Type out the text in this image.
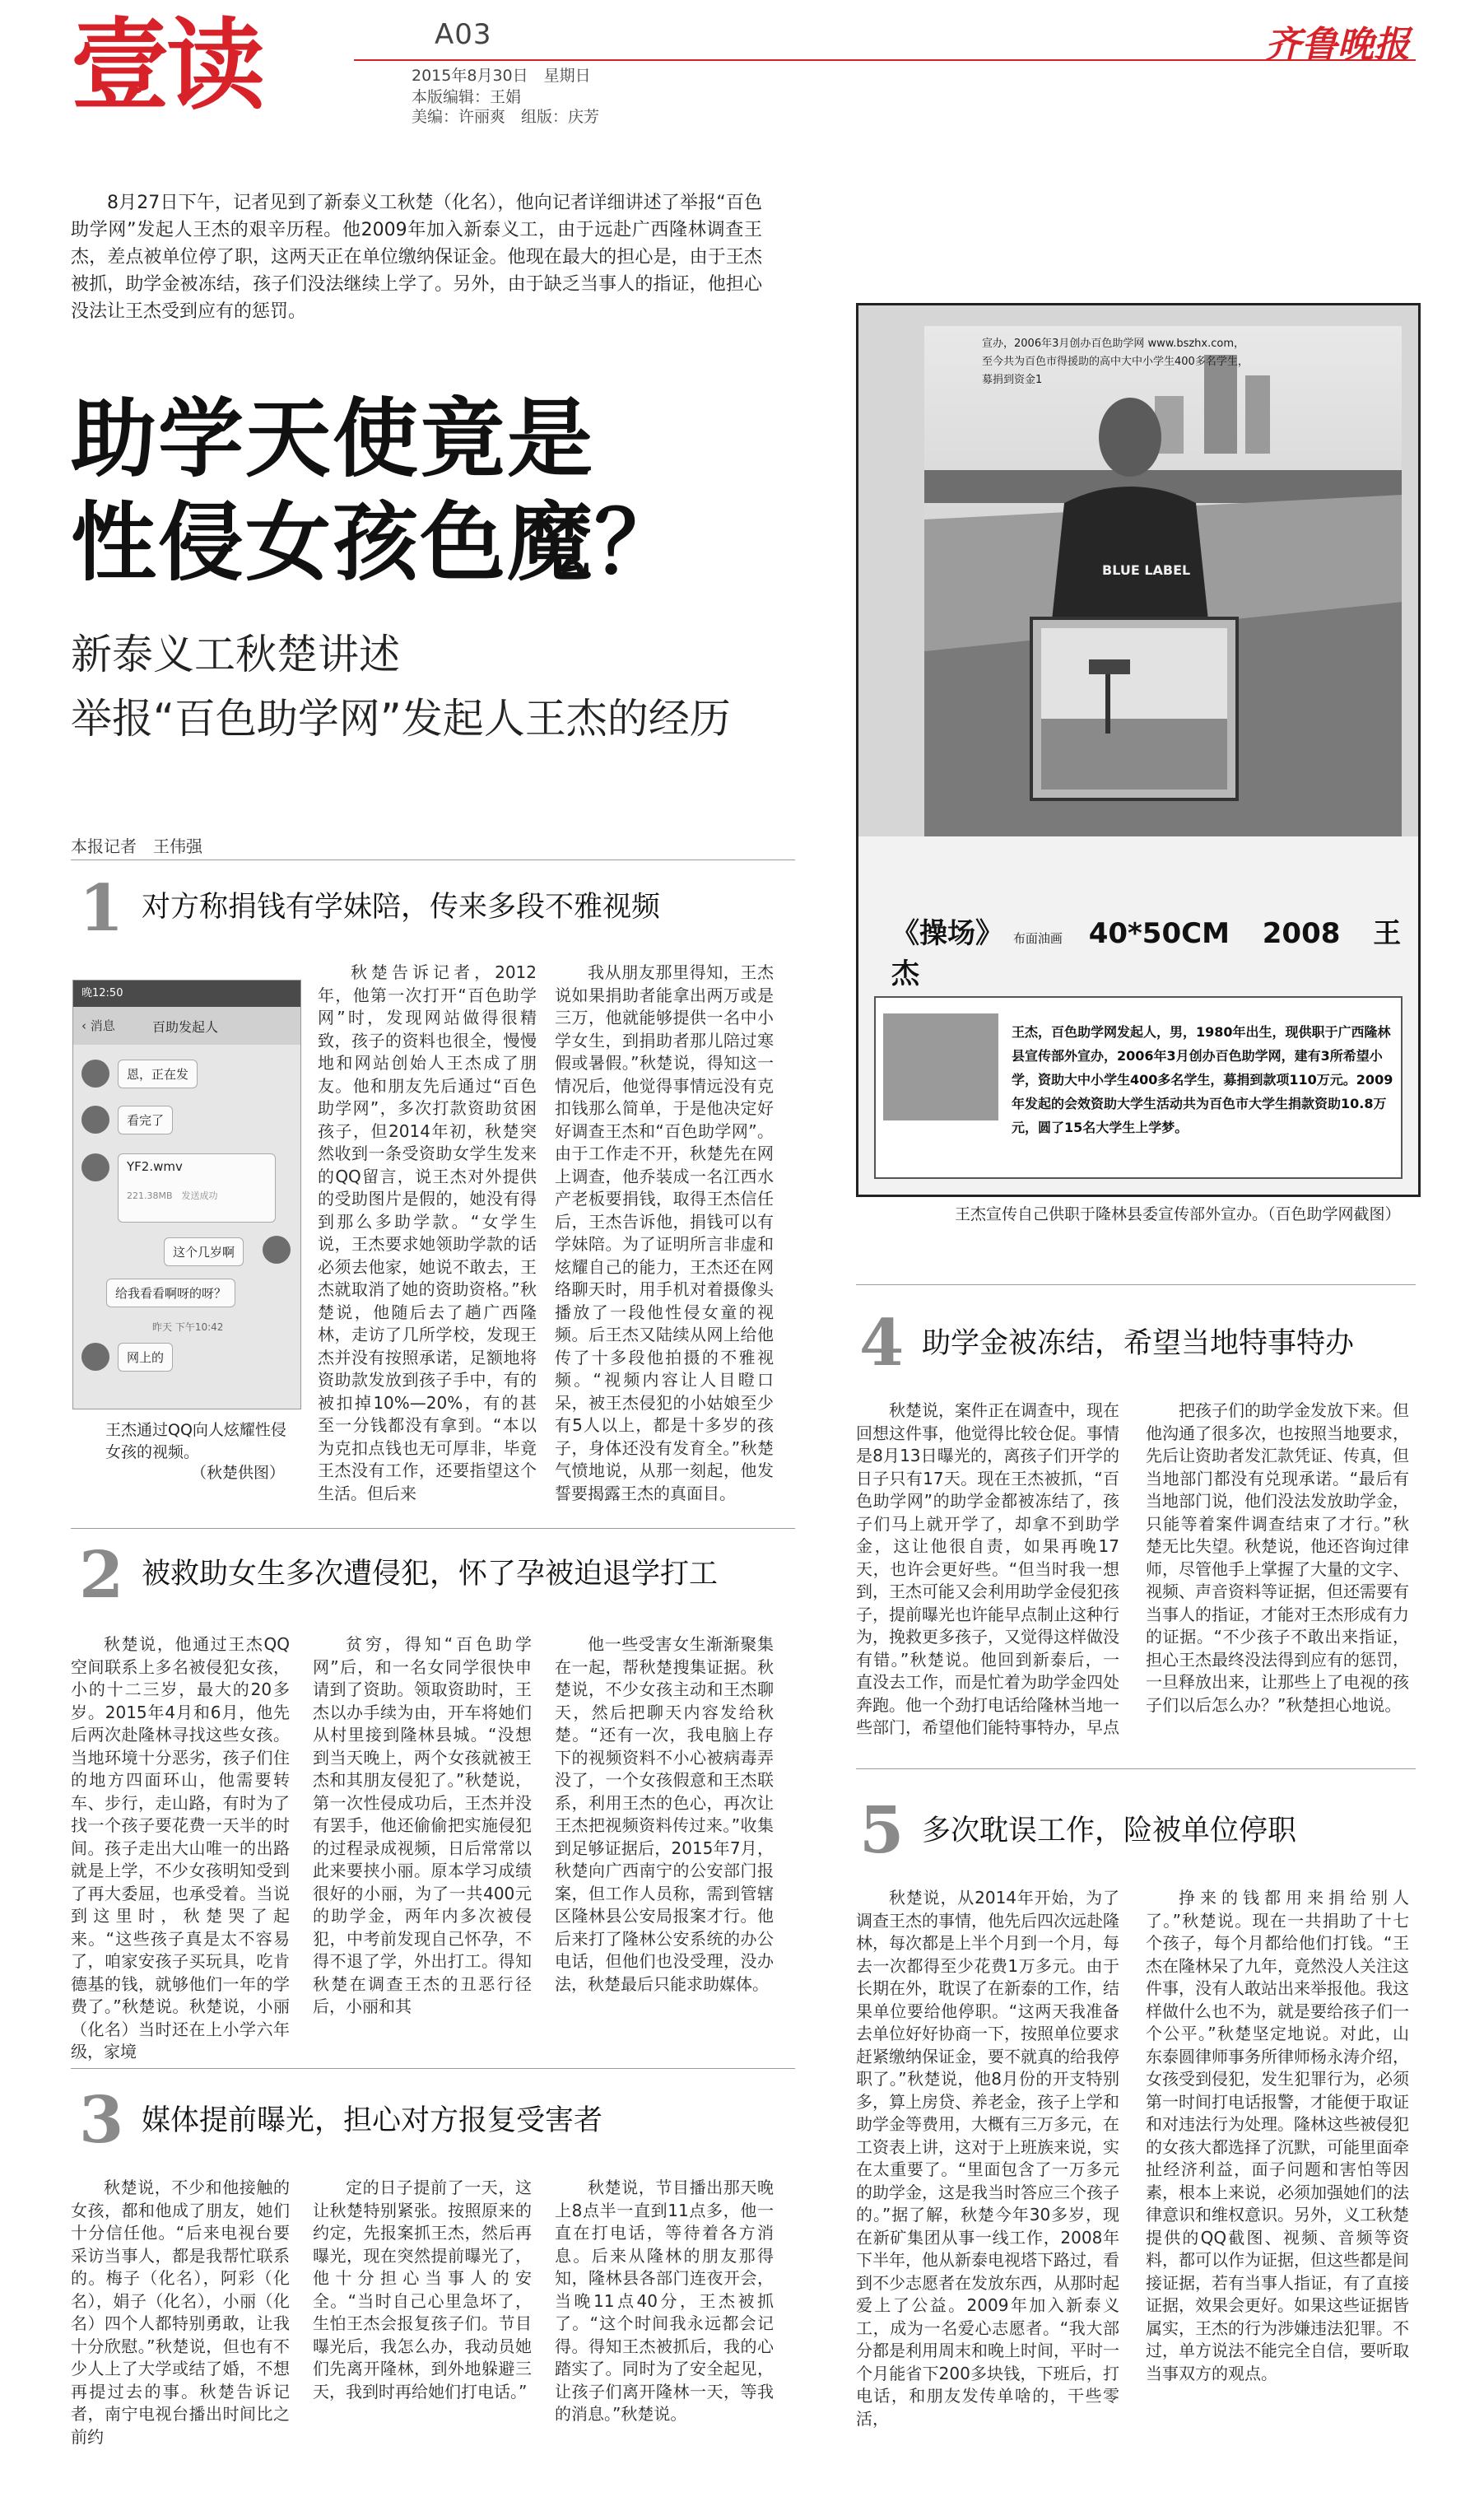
壹读	A03
2015年8月30日　星期日
本版编辑：王娟
美编：许丽爽　组版：庆芳
齐鲁晚报
8月27日下午，记者见到了新泰义工秋楚（化名），他向记者详细讲述了举报“百色助学网”发起人王杰的艰辛历程。他2009年加入新泰义工，由于远赴广西隆林调查王杰，差点被单位停了职，这两天正在单位缴纳保证金。他现在最大的担心是，由于王杰被抓，助学金被冻结，孩子们没法继续上学了。另外，由于缺乏当事人的指证，他担心没法让王杰受到应有的惩罚。
助学天使竟是
性侵女孩色魔？
新泰义工秋楚讲述
举报“百色助学网”发起人王杰的经历
本报记者　王伟强
BLUE LABEL
宣办，2006年3月创办百色助学网 www.bszhx.com，至今共为百色市得援助的高中大中小学生400多名学生，募捐到资金1
《操场》 布面油画 40*50CM 2008 王杰
王杰，百色助学网发起人，男，1980年出生，现供职于广西隆林县宣传部外宣办，2006年3月创办百色助学网，建有3所希望小学，资助大中小学生400多名学生，募捐到款项110万元。2009年发起的会效资助大学生活动共为百色市大学生捐款资助10.8万元，圆了15名大学生上学梦。
王杰宣传自己供职于隆林县委宣传部外宣办。（百色助学网截图）
1 对方称捐钱有学妹陪，传来多段不雅视频
晚12:50
‹ 消息	百助发起人
恩，正在发
看完了
YF2.wmv
221.38MB　发送成功
这个几岁啊
给我看看啊呀的呀？
昨天 下午10:42
网上的
王杰通过QQ向人炫耀性侵女孩的视频。
（秋楚供图）
秋楚告诉记者，2012年，他第一次打开“百色助学网”时，发现网站做得很精致，孩子的资料也很全，慢慢地和网站创始人王杰成了朋友。他和朋友先后通过“百色助学网”，多次打款资助贫困孩子，但2014年初，秋楚突然收到一条受资助女学生发来的QQ留言，说王杰对外提供的受助图片是假的，她没有得到那么多助学款。“女学生说，王杰要求她领助学款的话必须去他家，她说不敢去，王杰就取消了她的资助资格。”秋楚说，他随后去了趟广西隆林，走访了几所学校，发现王杰并没有按照承诺，足额地将资助款发放到孩子手中，有的被扣掉10%—20%，有的甚至一分钱都没有拿到。“本以为克扣点钱也无可厚非，毕竟王杰没有工作，还要指望这个生活。但后来
我从朋友那里得知，王杰说如果捐助者能拿出两万或是三万，他就能够提供一名中小学女生，到捐助者那儿陪过寒假或暑假。”秋楚说，得知这一情况后，他觉得事情远没有克扣钱那么简单，于是他决定好好调查王杰和“百色助学网”。由于工作走不开，秋楚先在网上调查，他乔装成一名江西水产老板要捐钱，取得王杰信任后，王杰告诉他，捐钱可以有学妹陪。为了证明所言非虚和炫耀自己的能力，王杰还在网络聊天时，用手机对着摄像头播放了一段他性侵女童的视频。后王杰又陆续从网上给他传了十多段他拍摄的不雅视频。“视频内容让人目瞪口呆，被王杰侵犯的小姑娘至少有5人以上，都是十多岁的孩子，身体还没有发育全。”秋楚气愤地说，从那一刻起，他发誓要揭露王杰的真面目。
2 被救助女生多次遭侵犯，怀了孕被迫退学打工
秋楚说，他通过王杰QQ空间联系上多名被侵犯女孩，小的十二三岁，最大的20多岁。2015年4月和6月，他先后两次赴隆林寻找这些女孩。当地环境十分恶劣，孩子们住的地方四面环山，他需要转车、步行，走山路，有时为了找一个孩子要花费一天半的时间。孩子走出大山唯一的出路就是上学，不少女孩明知受到了再大委屈，也承受着。当说到这里时，秋楚哭了起来。“这些孩子真是太不容易了，咱家安孩子买玩具，吃肯德基的钱，就够他们一年的学费了。”秋楚说。秋楚说，小丽（化名）当时还在上小学六年级，家境
贫穷，得知“百色助学网”后，和一名女同学很快申请到了资助。领取资助时，王杰以办手续为由，开车将她们从村里接到隆林县城。“没想到当天晚上，两个女孩就被王杰和其朋友侵犯了。”秋楚说，第一次性侵成功后，王杰并没有罢手，他还偷偷把实施侵犯的过程录成视频，日后常常以此来要挟小丽。原本学习成绩很好的小丽，为了一共400元的助学金，两年内多次被侵犯，中考前发现自己怀孕，不得不退了学，外出打工。得知秋楚在调查王杰的丑恶行径后，小丽和其
他一些受害女生渐渐聚集在一起，帮秋楚搜集证据。秋楚说，不少女孩主动和王杰聊天，然后把聊天内容发给秋楚。“还有一次，我电脑上存下的视频资料不小心被病毒弄没了，一个女孩假意和王杰联系，利用王杰的色心，再次让王杰把视频资料传过来。”收集到足够证据后，2015年7月，秋楚向广西南宁的公安部门报案，但工作人员称，需到管辖区隆林县公安局报案才行。他后来打了隆林公安系统的办公电话，但他们也没受理，没办法，秋楚最后只能求助媒体。
3 媒体提前曝光，担心对方报复受害者
秋楚说，不少和他接触的女孩，都和他成了朋友，她们十分信任他。“后来电视台要采访当事人，都是我帮忙联系的。梅子（化名），阿彩（化名），娟子（化名），小丽（化名）四个人都特别勇敢，让我十分欣慰。”秋楚说，但也有不少人上了大学或结了婚，不想再提过去的事。秋楚告诉记者，南宁电视台播出时间比之前约
定的日子提前了一天，这让秋楚特别紧张。按照原来的约定，先报案抓王杰，然后再曝光，现在突然提前曝光了，他十分担心当事人的安全。“当时自己心里急坏了，生怕王杰会报复孩子们。节目曝光后，我怎么办，我动员她们先离开隆林，到外地躲避三天，我到时再给她们打电话。”
秋楚说，节目播出那天晚上8点半一直到11点多，他一直在打电话，等待着各方消息。后来从隆林的朋友那得知，隆林县各部门连夜开会，当晚11点40分，王杰被抓了。“这个时间我永远都会记得。得知王杰被抓后，我的心踏实了。同时为了安全起见，让孩子们离开隆林一天，等我的消息。”秋楚说。
4 助学金被冻结，希望当地特事特办
秋楚说，案件正在调查中，现在回想这件事，他觉得比较仓促。事情是8月13日曝光的，离孩子们开学的日子只有17天。现在王杰被抓，“百色助学网”的助学金都被冻结了，孩子们马上就开学了，却拿不到助学金，这让他很自责，如果再晚17天，也许会更好些。“但当时我一想到，王杰可能又会利用助学金侵犯孩子，提前曝光也许能早点制止这种行为，挽救更多孩子，又觉得这样做没有错。”秋楚说。他回到新泰后，一直没去工作，而是忙着为助学金四处奔跑。他一个劲打电话给隆林当地一些部门，希望他们能特事特办，早点
把孩子们的助学金发放下来。但他沟通了很多次，也按照当地要求，先后让资助者发汇款凭证、传真，但当地部门都没有兑现承诺。“最后有当地部门说，他们没法发放助学金，只能等着案件调查结束了才行。”秋楚无比失望。秋楚说，他还咨询过律师，尽管他手上掌握了大量的文字、视频、声音资料等证据，但还需要有当事人的指证，才能对王杰形成有力的证据。“不少孩子不敢出来指证，担心王杰最终没法得到应有的惩罚，一旦释放出来，让那些上了电视的孩子们以后怎么办？”秋楚担心地说。
5 多次耽误工作，险被单位停职
秋楚说，从2014年开始，为了调查王杰的事情，他先后四次远赴隆林，每次都是上半个月到一个月，每去一次都得至少花费1万多元。由于长期在外，耽误了在新泰的工作，结果单位要给他停职。“这两天我准备去单位好好协商一下，按照单位要求赶紧缴纳保证金，要不就真的给我停职了。”秋楚说，他8月份的开支特别多，算上房贷、养老金，孩子上学和助学金等费用，大概有三万多元，在工资表上讲，这对于上班族来说，实在太重要了。“里面包含了一万多元的助学金，这是我当时答应三个孩子的。”据了解，秋楚今年30多岁，现在新矿集团从事一线工作，2008年下半年，他从新泰电视塔下路过，看到不少志愿者在发放东西，从那时起爱上了公益。2009年加入新泰义工，成为一名爱心志愿者。“我大部分都是利用周末和晚上时间，平时一个月能省下200多块钱，下班后，打电话，和朋友发传单啥的，干些零活，
挣来的钱都用来捐给别人了。”秋楚说。现在一共捐助了十七个孩子，每个月都给他们打钱。“王杰在隆林呆了九年，竟然没人关注这件事，没有人敢站出来举报他。我这样做什么也不为，就是要给孩子们一个公平。”秋楚坚定地说。对此，山东泰圆律师事务所律师杨永涛介绍，女孩受到侵犯，发生犯罪行为，必须第一时间打电话报警，才能便于取证和对违法行为处理。隆林这些被侵犯的女孩大都选择了沉默，可能里面牵扯经济利益，面子问题和害怕等因素，根本上来说，必须加强她们的法律意识和维权意识。另外，义工秋楚提供的QQ截图、视频、音频等资料，都可以作为证据，但这些都是间接证据，若有当事人指证，有了直接证据，效果会更好。如果这些证据皆属实，王杰的行为涉嫌违法犯罪。不过，单方说法不能完全自信，要听取当事双方的观点。
